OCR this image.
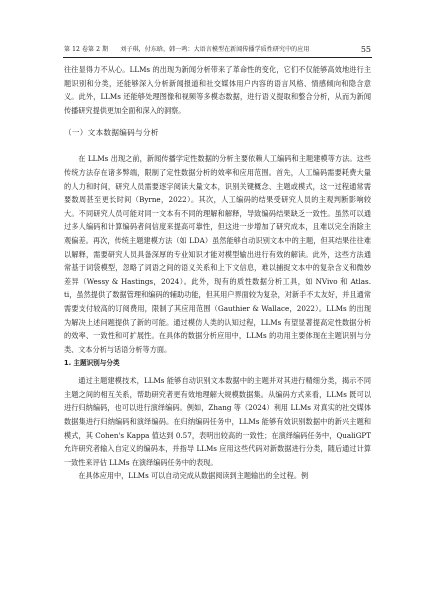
第 12 卷第 2 期　　刘子琪，付东晗，韩一鸣：大语言模型在新闻传播学质性研究中的应用	55

往往显得力不从心。LLMs 的出现为新闻分析带来了革命性的变化，它们不仅能够高效地进行主题识别和分类，还能够深入分析新闻报道和社交媒体用户内容的语言风格、情感倾向和隐含意义。此外，LLMs 还能够处理图像和视频等多模态数据，进行语义提取和整合分析，从而为新闻传播研究提供更加全面和深入的洞察。

（一）文本数据编码与分析

在 LLMs 出现之前，新闻传播学定性数据的分析主要依赖人工编码和主题建模等方法。这些传统方法存在诸多弊端，限制了定性数据分析的效率和应用范围。首先，人工编码需要耗费大量的人力和时间，研究人员需要逐字阅读大量文本，识别关键概念、主题或模式，这一过程通常需要数周甚至更长时间（Byrne，2022）。其次，人工编码的结果受研究人员的主观判断影响较大。不同研究人员可能对同一文本有不同的理解和解释，导致编码结果缺乏一致性。虽然可以通过多人编码和计算编码者间信度来提高可靠性，但这进一步增加了研究成本，且难以完全消除主观偏差。再次，传统主题建模方法（如 LDA）虽然能够自动识别文本中的主题，但其结果往往难以解释，需要研究人员具备深厚的专业知识才能对模型输出进行有效的解读。此外，这些方法通常基于词袋模型，忽略了词语之间的语义关系和上下文信息，难以捕捉文本中的复杂含义和微妙差异（Wessy & Hastings，2024）。此外，现有的质性数据分析工具，如 NVivo 和 Atlas. ti，虽然提供了数据管理和编码的辅助功能，但其用户界面较为复杂，对新手不太友好，并且通常需要支付较高的订阅费用，限制了其应用范围（Gauthier & Wallace，2022）。LLMs 的出现为解决上述问题提供了新的可能。通过模仿人类的认知过程，LLMs 有望显著提高定性数据分析的效率、一致性和可扩展性。在具体的数据分析应用中，LLMs 的功用主要体现在主题识别与分类、文本分析与话语分析等方面。

1. 主题识别与分类

通过主题建模技术，LLMs 能够自动识别文本数据中的主题并对其进行精细分类，揭示不同主题之间的相互关系，帮助研究者更有效地理解大规模数据集。从编码方式来看，LLMs 既可以进行归纳编码，也可以进行演绎编码。例如，Zhang 等（2024）利用 LLMs 对真实的社交媒体数据集进行归纳编码和演绎编码。在归纳编码任务中，LLMs 能够有效识别数据中的新兴主题和模式，其 Cohen's Kappa 值达到 0.57，表明出较高的一致性；在演绎编码任务中，QualiGPT 允许研究者输入自定义的编码本，并指导 LLMs 应用这些代码对新数据进行分类，随后通过计算一致性来评估 LLMs 在演绎编码任务中的表现。

在具体应用中，LLMs 可以自动完成从数据阅读到主题输出的全过程。例
